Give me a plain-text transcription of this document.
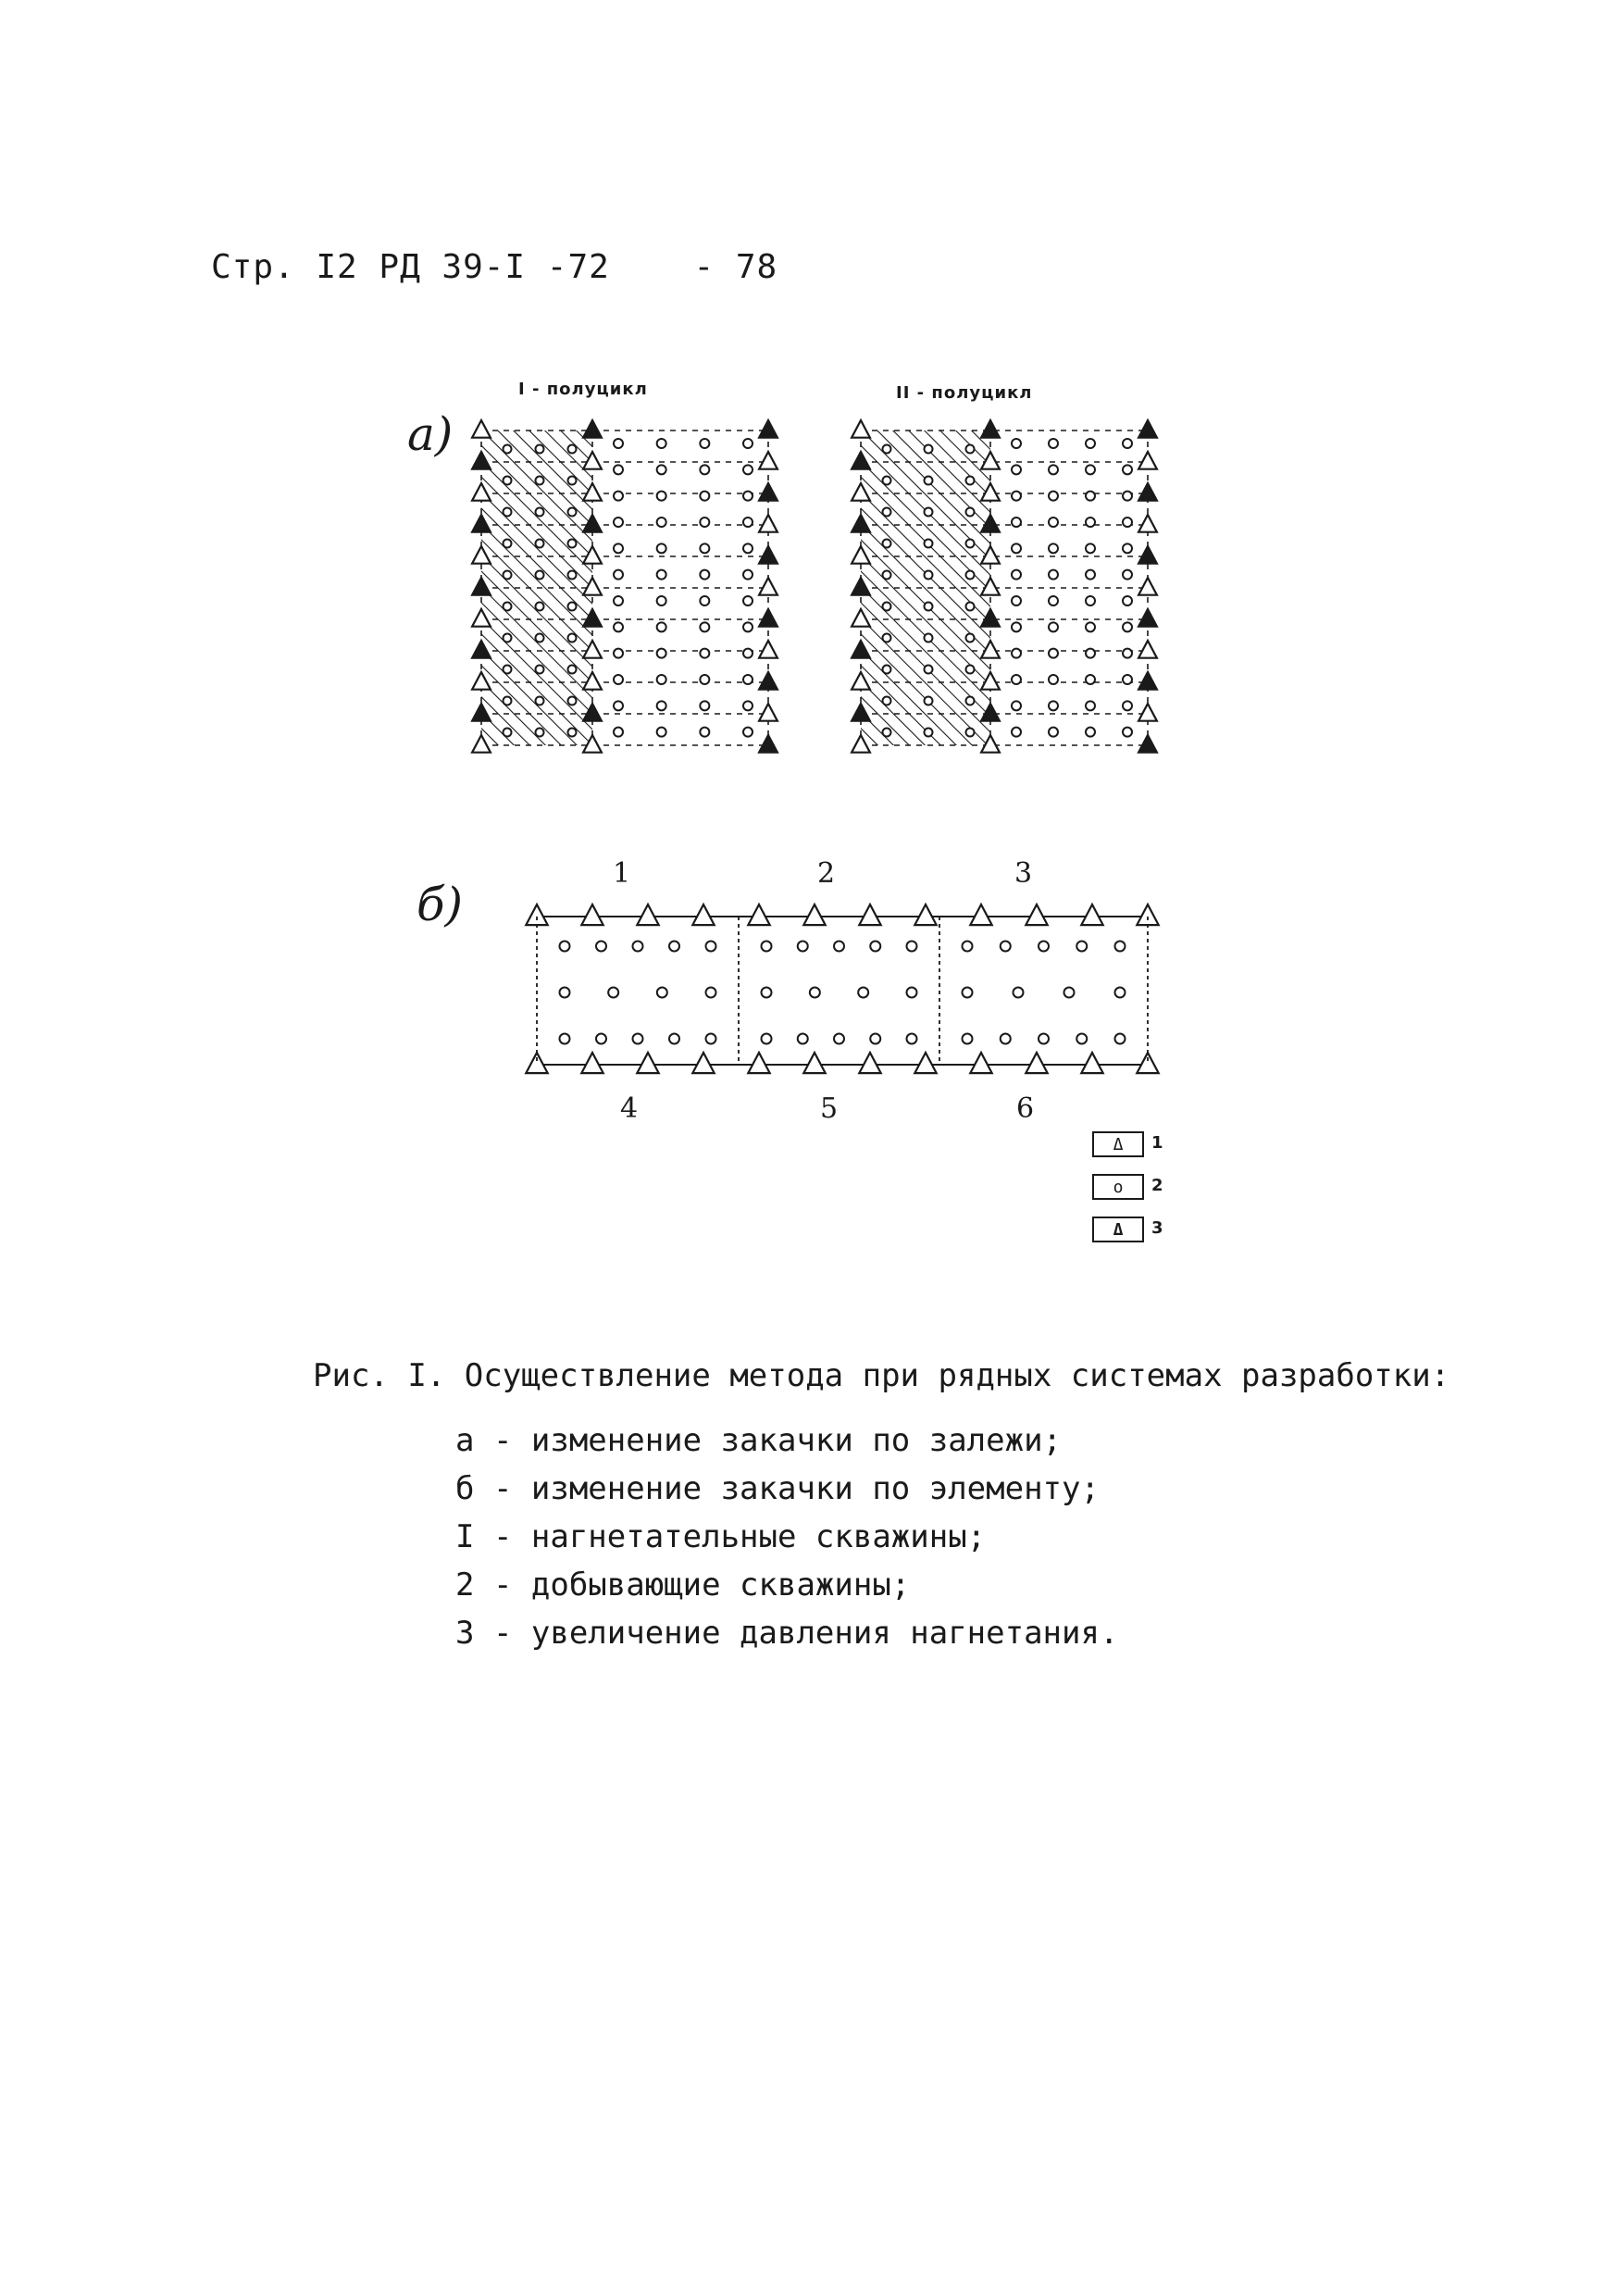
Стр. I2 РД 39-I -72    - 78
а)
I - полуцикл	II - полуцикл
б)
1	2	3
4	5	6
Δ 1
o 2
Δ 3
Рис. I. Осуществление метода при рядных системах разработки:
а - изменение закачки по залежи;
б - изменение закачки по элементу;
I - нагнетательные скважины;
2 - добывающие скважины;
3 - увеличение давления нагнетания.
